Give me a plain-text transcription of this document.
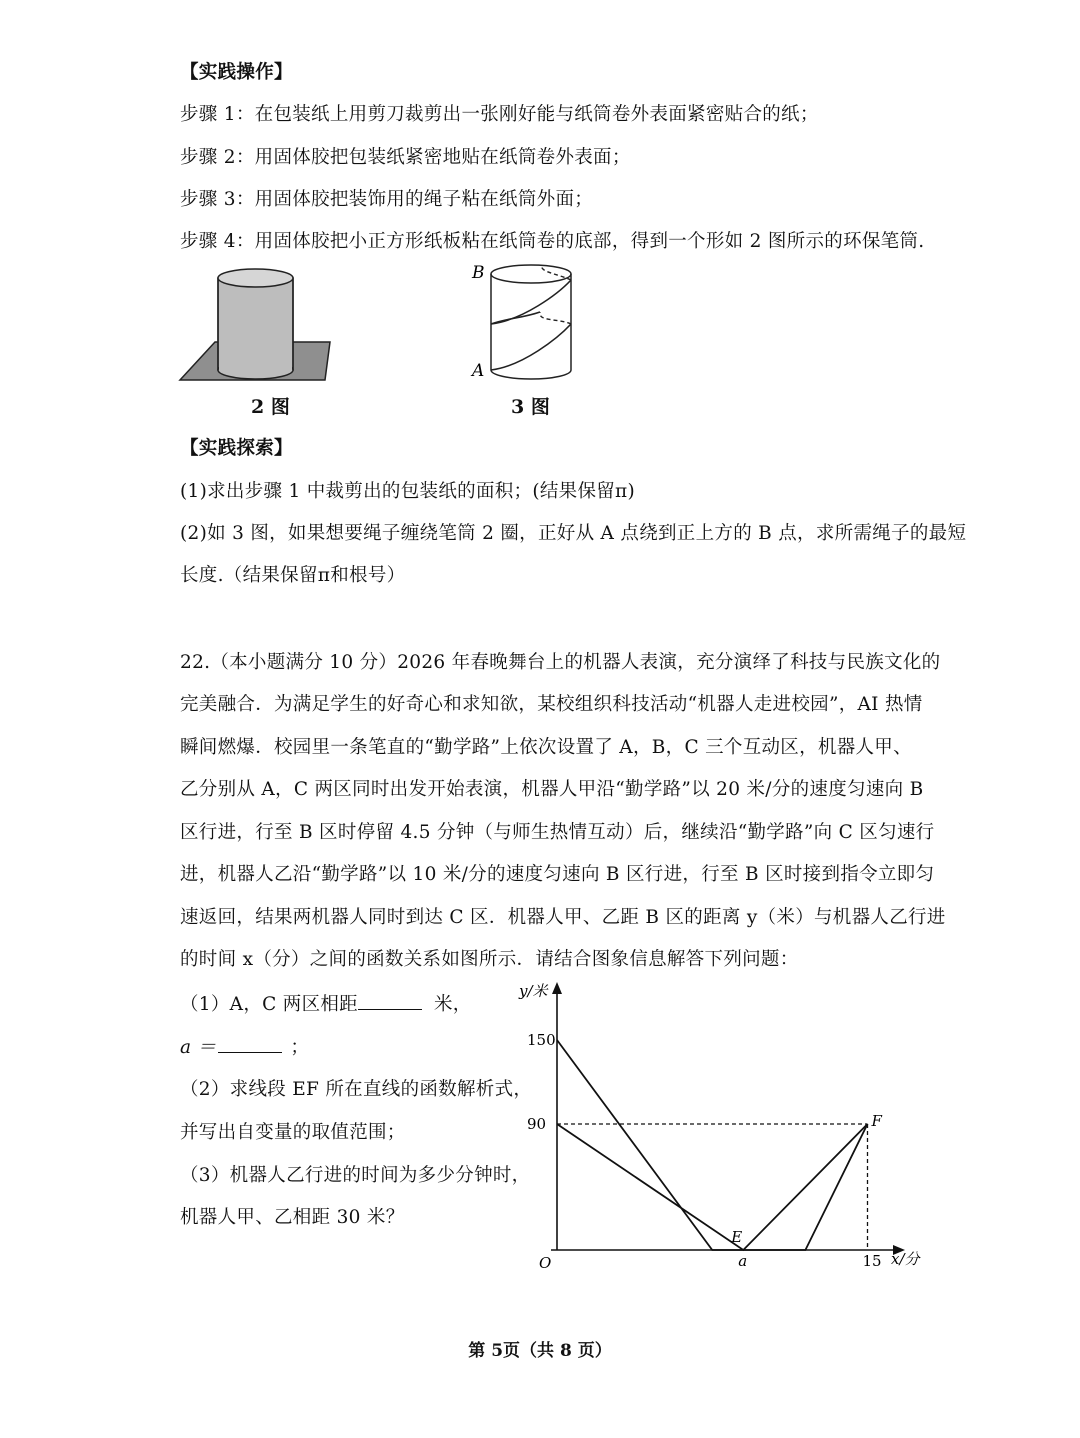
【实践操作】
步骤 1：在包装纸上用剪刀裁剪出一张刚好能与纸筒卷外表面紧密贴合的纸；
步骤 2：用固体胶把包装纸紧密地贴在纸筒卷外表面；
步骤 3：用固体胶把装饰用的绳子粘在纸筒外面；
步骤 4：用固体胶把小正方形纸板粘在纸筒卷的底部，得到一个形如 2 图所示的环保笔筒.
2 图
B
A
3 图
【实践探索】
(1)求出步骤 1 中裁剪出的包装纸的面积；(结果保留π)
(2)如 3 图，如果想要绳子缠绕笔筒 2 圈，正好从 A 点绕到正上方的 B 点，求所需绳子的最短
长度.（结果保留π和根号）
22.（本小题满分 10 分）2026 年春晚舞台上的机器人表演，充分演绎了科技与民族文化的
完美融合．为满足学生的好奇心和求知欲，某校组织科技活动“机器人走进校园”，AI 热情
瞬间燃爆．校园里一条笔直的“勤学路”上依次设置了 A，B，C 三个互动区，机器人甲、
乙分别从 A，C 两区同时出发开始表演，机器人甲沿“勤学路”以 20 米/分的速度匀速向 B
区行进，行至 B 区时停留 4.5 分钟（与师生热情互动）后，继续沿“勤学路”向 C 区匀速行
进，机器人乙沿“勤学路”以 10 米/分的速度匀速向 B 区行进，行至 B 区时接到指令立即匀
速返回，结果两机器人同时到达 C 区．机器人甲、乙距 B 区的距离 y（米）与机器人乙行进
的时间 x（分）之间的函数关系如图所示．请结合图象信息解答下列问题：
（1）A，C 两区相距	米，
a ＝	；
（2）求线段 EF 所在直线的函数解析式，
并写出自变量的取值范围；
（3）机器人乙行进的时间为多少分钟时，
机器人甲、乙相距 30 米？
y/米
x/分
O
150
90
a	15
E
F
第 5页（共 8 页）
